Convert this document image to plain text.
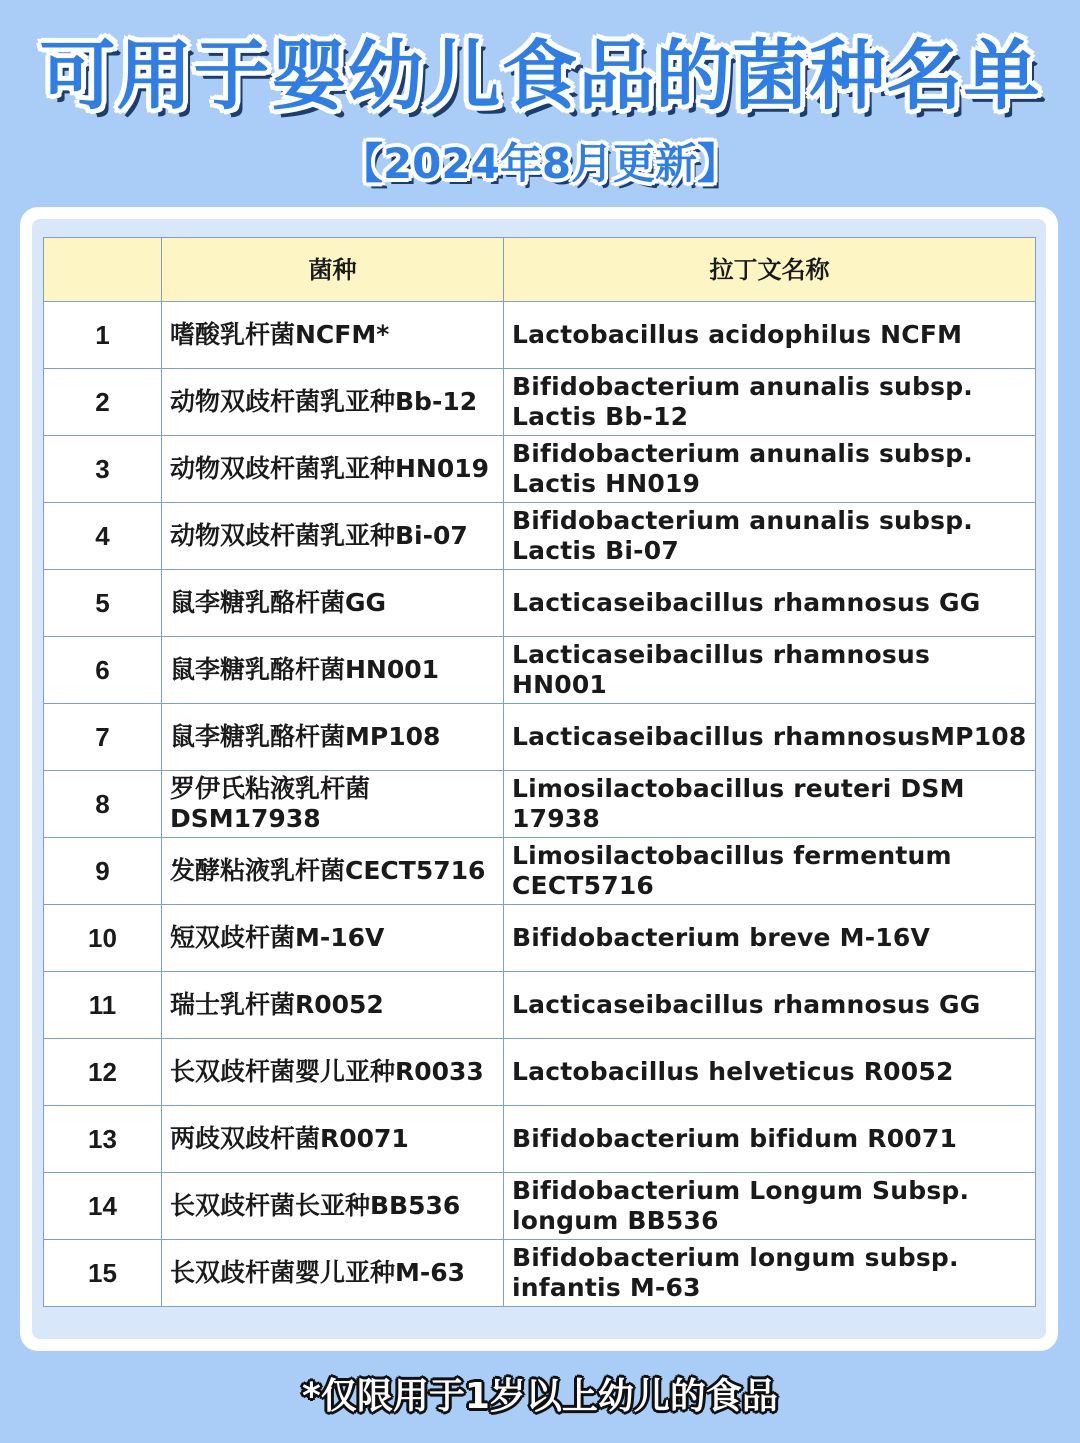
可用于婴幼儿食品的菌种名单
【2024年8月更新】
	菌种	拉丁文名称
1	嗜酸乳杆菌NCFM*	Lactobacillus acidophilus NCFM
2	动物双歧杆菌乳亚种Bb-12	Bifidobacterium anunalis subsp. Lactis Bb-12
3	动物双歧杆菌乳亚种HN019	Bifidobacterium anunalis subsp. Lactis HN019
4	动物双歧杆菌乳亚种Bi-07	Bifidobacterium anunalis subsp. Lactis Bi-07
5	鼠李糖乳酪杆菌GG	Lacticaseibacillus rhamnosus GG
6	鼠李糖乳酪杆菌HN001	Lacticaseibacillus rhamnosus HN001
7	鼠李糖乳酪杆菌MP108	Lacticaseibacillus rhamnosusMP108
8	罗伊氏粘液乳杆菌DSM17938	Limosilactobacillus reuteri DSM 17938
9	发酵粘液乳杆菌CECT5716	Limosilactobacillus fermentum CECT5716
10	短双歧杆菌M-16V	Bifidobacterium breve M-16V
11	瑞士乳杆菌R0052	Lacticaseibacillus rhamnosus GG
12	长双歧杆菌婴儿亚种R0033	Lactobacillus helveticus R0052
13	两歧双歧杆菌R0071	Bifidobacterium bifidum R0071
14	长双歧杆菌长亚种BB536	Bifidobacterium Longum Subsp. longum BB536
15	长双歧杆菌婴儿亚种M-63	Bifidobacterium longum subsp. infantis M-63
*仅限用于1岁以上幼儿的食品
